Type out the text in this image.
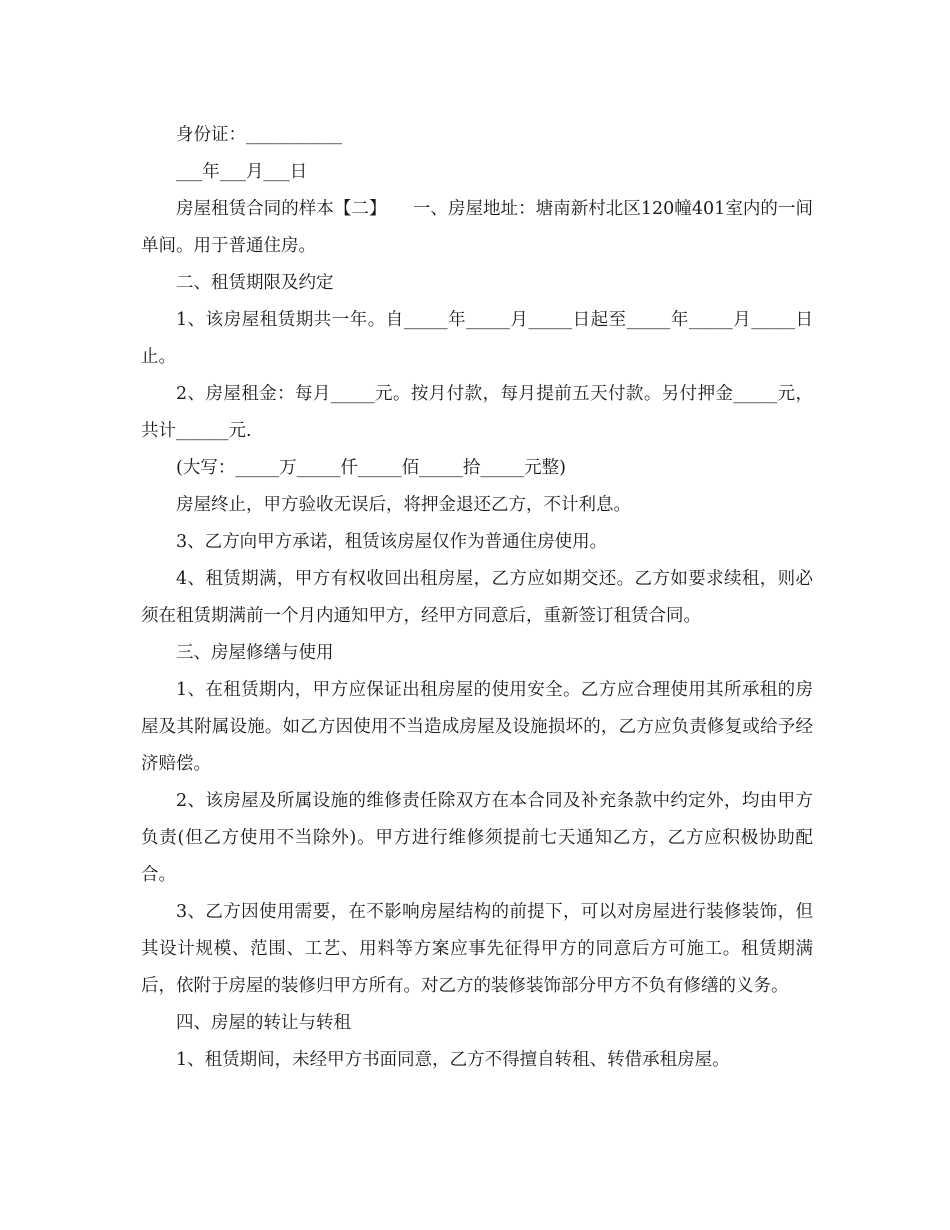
身份证：___________

___年___月___日

房屋租赁合同的样本【二】　　一、房屋地址：塘南新村北区120幢401室内的一间单间。用于普通住房。

二、租赁期限及约定

1、该房屋租赁期共一年。自_____年_____月_____日起至_____年_____月_____日止。

2、房屋租金：每月_____元。按月付款，每月提前五天付款。另付押金_____元，共计______元.

(大写：_____万_____仟_____佰_____拾_____元整)

房屋终止，甲方验收无误后，将押金退还乙方，不计利息。

3、乙方向甲方承诺，租赁该房屋仅作为普通住房使用。

4、租赁期满，甲方有权收回出租房屋，乙方应如期交还。乙方如要求续租，则必须在租赁期满前一个月内通知甲方，经甲方同意后，重新签订租赁合同。

三、房屋修缮与使用

1、在租赁期内，甲方应保证出租房屋的使用安全。乙方应合理使用其所承租的房屋及其附属设施。如乙方因使用不当造成房屋及设施损坏的，乙方应负责修复或给予经济赔偿。

2、该房屋及所属设施的维修责任除双方在本合同及补充条款中约定外，均由甲方负责(但乙方使用不当除外)。甲方进行维修须提前七天通知乙方，乙方应积极协助配合。

3、乙方因使用需要，在不影响房屋结构的前提下，可以对房屋进行装修装饰，但其设计规模、范围、工艺、用料等方案应事先征得甲方的同意后方可施工。租赁期满后，依附于房屋的装修归甲方所有。对乙方的装修装饰部分甲方不负有修缮的义务。

四、房屋的转让与转租

1、租赁期间，未经甲方书面同意，乙方不得擅自转租、转借承租房屋。
